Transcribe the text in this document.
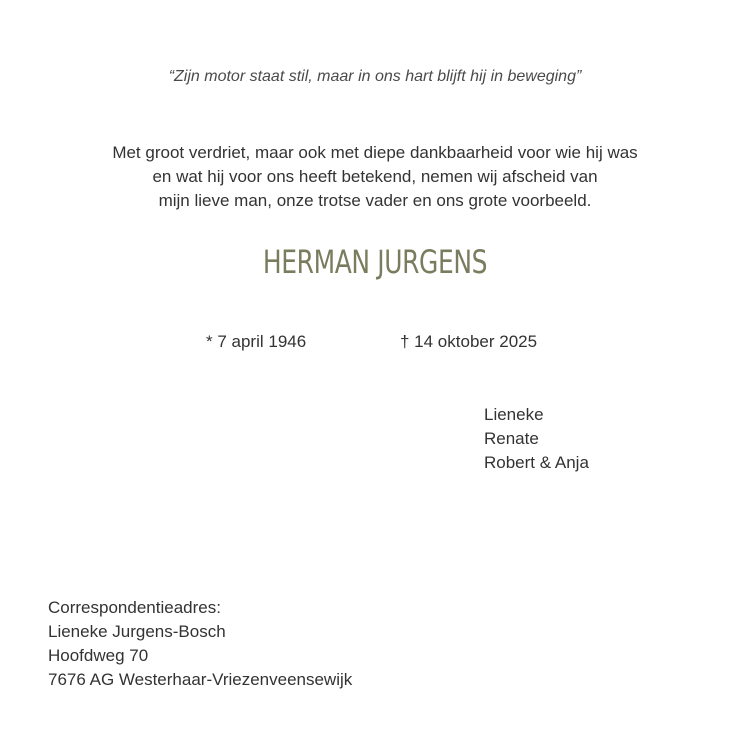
“Zijn motor staat stil, maar in ons hart blijft hij in beweging”
Met groot verdriet, maar ook met diepe dankbaarheid voor wie hij was
en wat hij voor ons heeft betekend, nemen wij afscheid van
mijn lieve man, onze trotse vader en ons grote voorbeeld.
HERMAN JURGENS
* 7 april 1946	† 14 oktober 2025
Lieneke
Renate
Robert & Anja
Correspondentieadres:
Lieneke Jurgens-Bosch
Hoofdweg 70
7676 AG Westerhaar-Vriezenveensewijk
